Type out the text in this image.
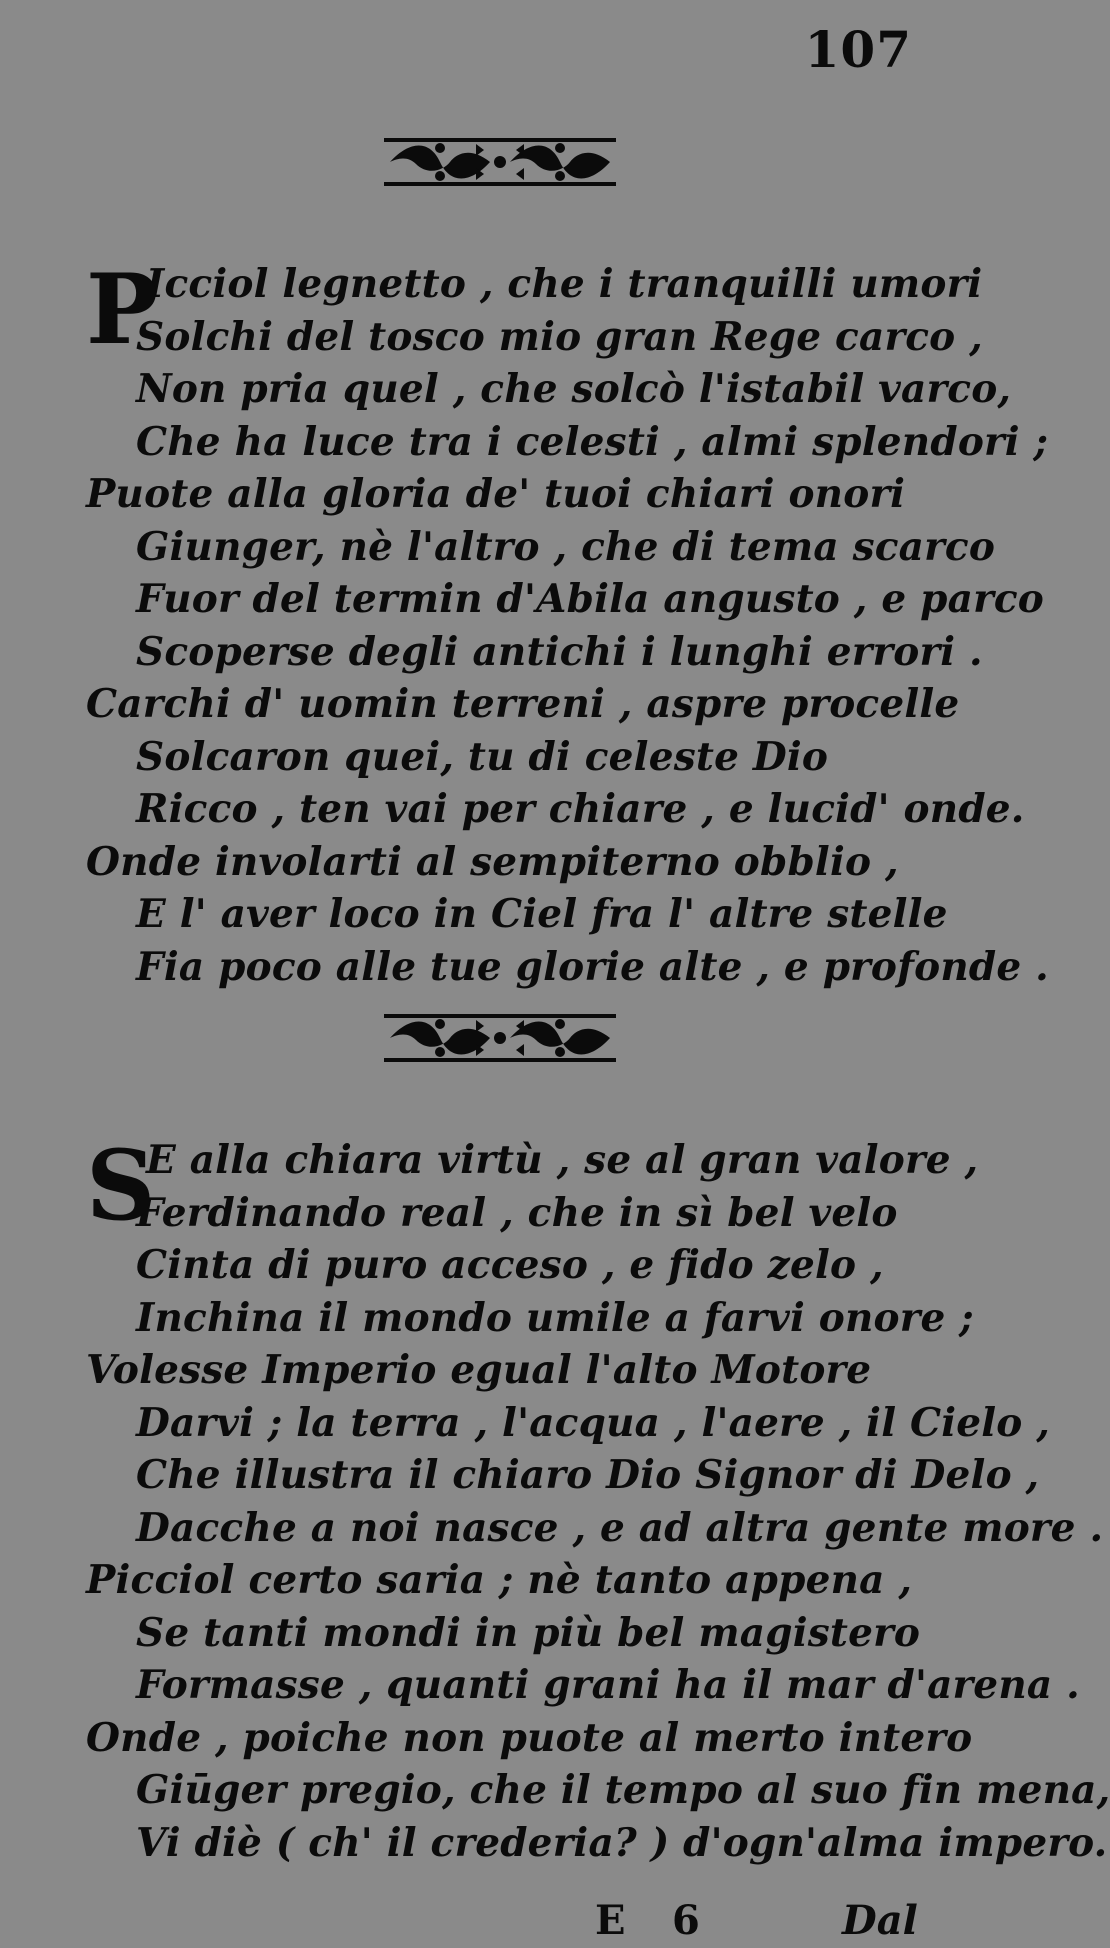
107
P
Icciol legnetto , che i tranquilli umori
Solchi del tosco mio gran Rege carco ,
Non pria quel , che solcò l'istabil varco,
Che ha luce tra i celesti , almi splendori ;
Puote alla gloria de' tuoi chiari onori
Giunger, nè l'altro , che di tema scarco
Fuor del termin d'Abila angusto , e parco
Scoperse degli antichi i lunghi errori .
Carchi d' uomin terreni , aspre procelle
Solcaron quei, tu di celeste Dio
Ricco , ten vai per chiare , e lucid' onde.
Onde involarti al sempiterno obblio ,
E l' aver loco in Ciel fra l' altre stelle
Fia poco alle tue glorie alte , e profonde .
S
E alla chiara virtù , se al gran valore ,
Ferdinando real , che in sì bel velo
Cinta di puro acceso , e fido zelo ,
Inchina il mondo umile a farvi onore ;
Volesse Imperio egual l'alto Motore
Darvi ; la terra , l'acqua , l'aere , il Cielo ,
Che illustra il chiaro Dio Signor di Delo ,
Dacche a noi nasce , e ad altra gente more .
Picciol certo saria ; nè tanto appena ,
Se tanti mondi in più bel magistero
Formasse , quanti grani ha il mar d'arena .
Onde , poiche non puote al merto intero
Giūger pregio, che il tempo al suo fin mena,
Vi diè ( ch' il crederia? ) d'ogn'alma impero.
E 6	Dal
